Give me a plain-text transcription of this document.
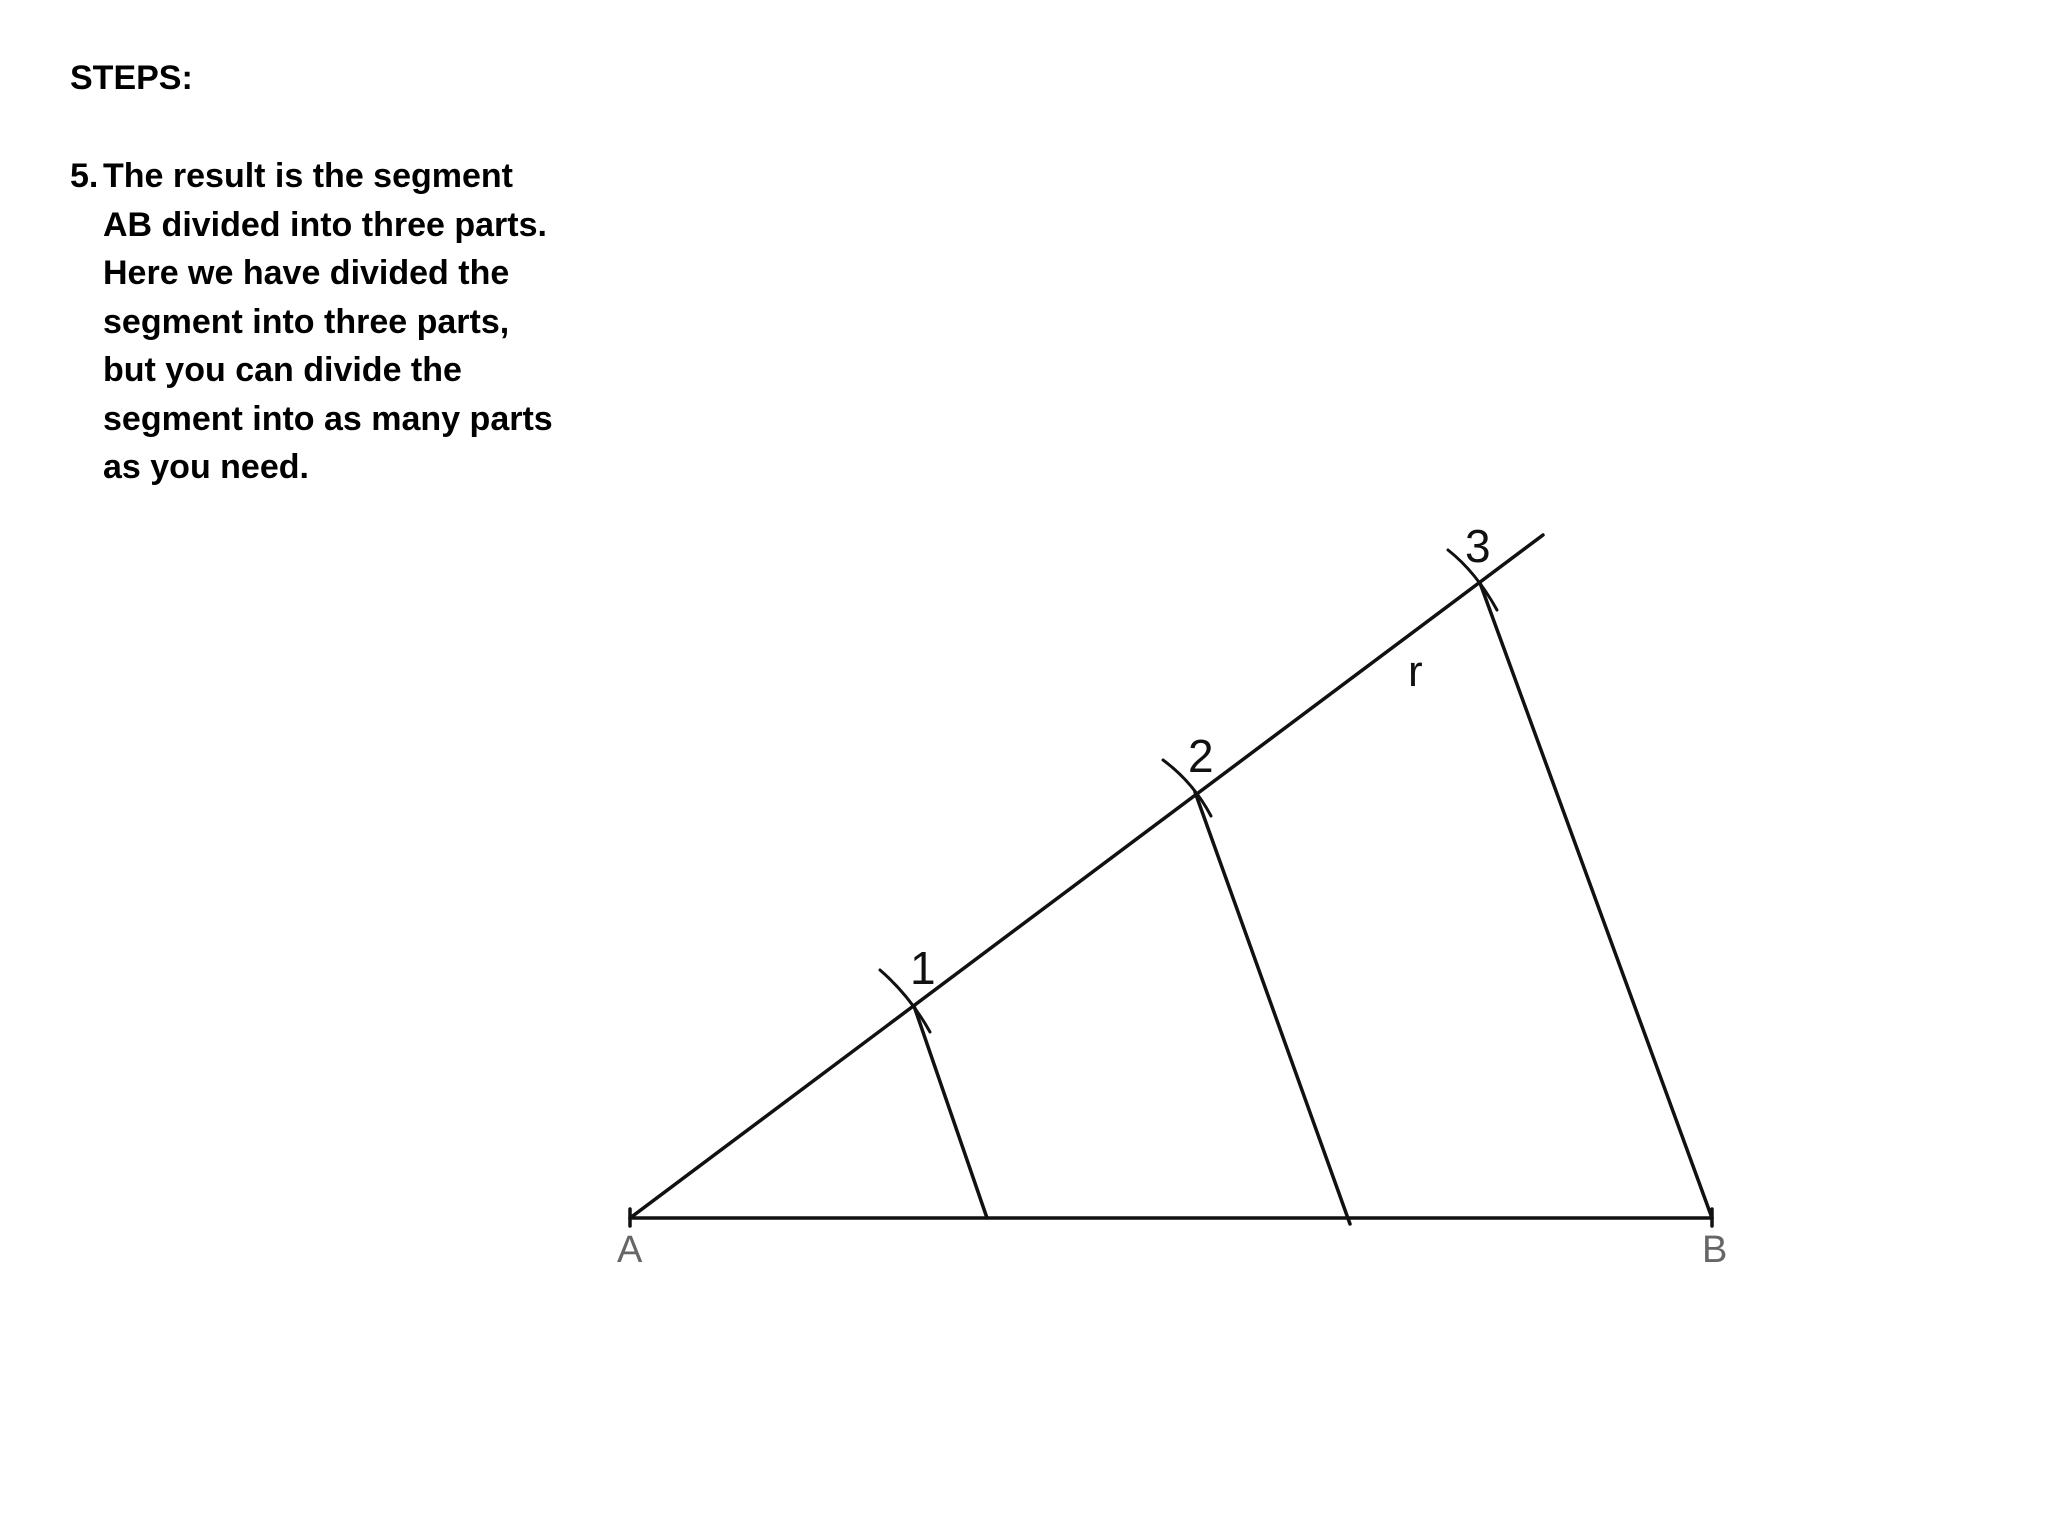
STEPS:
5. The result is the segment
AB divided into three parts.
Here we have divided the
segment into three parts,
but you can divide the
segment into as many parts
as you need.
1
2
3
r
A	B
